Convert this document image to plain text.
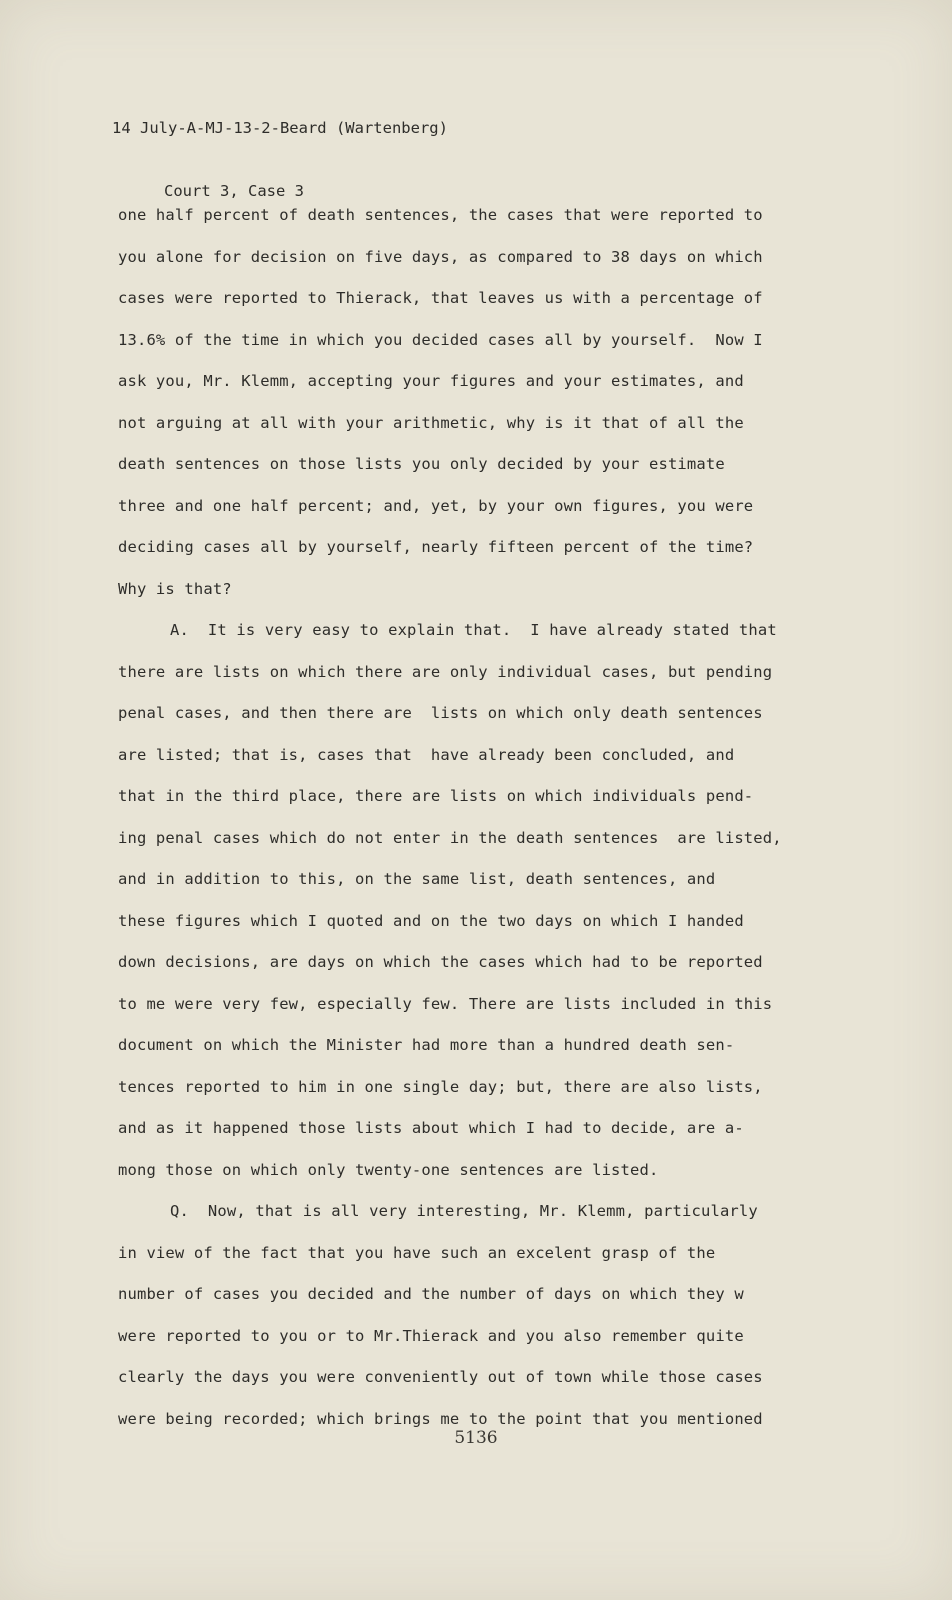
14 July-A-MJ-13-2-Beard (Wartenberg)

Court 3, Case 3

one half percent of death sentences, the cases that were reported to
you alone for decision on five days, as compared to 38 days on which
cases were reported to Thierack, that leaves us with a percentage of
13.6% of the time in which you decided cases all by yourself.  Now I
ask you, Mr. Klemm, accepting your figures and your estimates, and
not arguing at all with your arithmetic, why is it that of all the
death sentences on those lists you only decided by your estimate
three and one half percent; and, yet, by your own figures, you were
deciding cases all by yourself, nearly fifteen percent of the time?
Why is that?
A.  It is very easy to explain that.  I have already stated that
there are lists on which there are only individual cases, but pending
penal cases, and then there are  lists on which only death sentences
are listed; that is, cases that  have already been concluded, and
that in the third place, there are lists on which individuals pend-
ing penal cases which do not enter in the death sentences  are listed,
and in addition to this, on the same list, death sentences, and
these figures which I quoted and on the two days on which I handed
down decisions, are days on which the cases which had to be reported
to me were very few, especially few. There are lists included in this
document on which the Minister had more than a hundred death sen-
tences reported to him in one single day; but, there are also lists,
and as it happened those lists about which I had to decide, are a-
mong those on which only twenty-one sentences are listed.
Q.  Now, that is all very interesting, Mr. Klemm, particularly
in view of the fact that you have such an excelent grasp of the
number of cases you decided and the number of days on which they w
were reported to you or to Mr.Thierack and you also remember quite
clearly the days you were conveniently out of town while those cases
were being recorded; which brings me to the point that you mentioned
5136
